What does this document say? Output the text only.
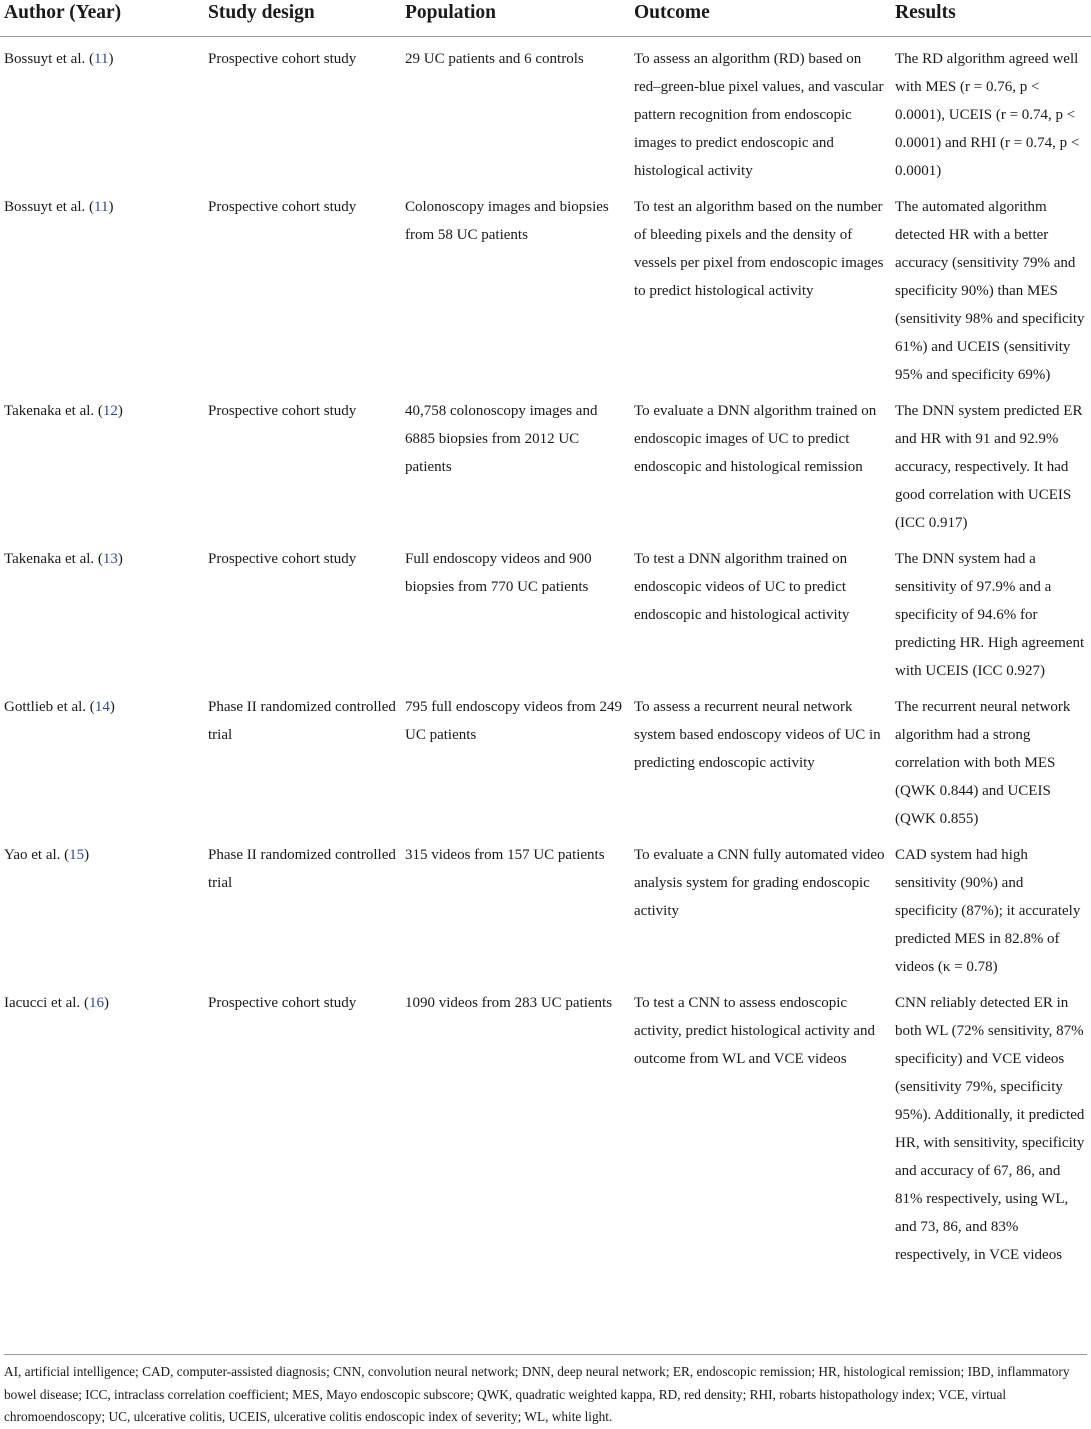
Author (Year)	Study design	Population	Outcome	Results
Bossuyt et al. (11)	Prospective cohort study	29 UC patients and 6 controls	To assess an algorithm (RD) based on red–green-blue pixel values, and vascular pattern recognition from endoscopic images to predict endoscopic and histological activity	The RD algorithm agreed well with MES (r = 0.76, p < 0.0001), UCEIS (r = 0.74, p < 0.0001) and RHI (r = 0.74, p < 0.0001)
Bossuyt et al. (11)	Prospective cohort study	Colonoscopy images and biopsies from 58 UC patients	To test an algorithm based on the number of bleeding pixels and the density of vessels per pixel from endoscopic images to predict histological activity	The automated algorithm detected HR with a better accuracy (sensitivity 79% and specificity 90%) than MES (sensitivity 98% and specificity 61%) and UCEIS (sensitivity 95% and specificity 69%)
Takenaka et al. (12)	Prospective cohort study	40,758 colonoscopy images and 6885 biopsies from 2012 UC patients	To evaluate a DNN algorithm trained on endoscopic images of UC to predict endoscopic and histological remission	The DNN system predicted ER and HR with 91 and 92.9% accuracy, respectively. It had good correlation with UCEIS (ICC 0.917)
Takenaka et al. (13)	Prospective cohort study	Full endoscopy videos and 900 biopsies from 770 UC patients	To test a DNN algorithm trained on endoscopic videos of UC to predict endoscopic and histological activity	The DNN system had a sensitivity of 97.9% and a specificity of 94.6% for predicting HR. High agreement with UCEIS (ICC 0.927)
Gottlieb et al. (14)	Phase II randomized controlled trial	795 full endoscopy videos from 249 UC patients	To assess a recurrent neural network system based endoscopy videos of UC in predicting endoscopic activity	The recurrent neural network algorithm had a strong correlation with both MES (QWK 0.844) and UCEIS (QWK 0.855)
Yao et al. (15)	Phase II randomized controlled trial	315 videos from 157 UC patients	To evaluate a CNN fully automated video analysis system for grading endoscopic activity	CAD system had high sensitivity (90%) and specificity (87%); it accurately predicted MES in 82.8% of videos (κ = 0.78)
Iacucci et al. (16)	Prospective cohort study	1090 videos from 283 UC patients	To test a CNN to assess endoscopic activity, predict histological activity and outcome from WL and VCE videos	CNN reliably detected ER in both WL (72% sensitivity, 87% specificity) and VCE videos (sensitivity 79%, specificity 95%). Additionally, it predicted HR, with sensitivity, specificity and accuracy of 67, 86, and 81% respectively, using WL, and 73, 86, and 83% respectively, in VCE videos
AI, artificial intelligence; CAD, computer-assisted diagnosis; CNN, convolution neural network; DNN, deep neural network; ER, endoscopic remission; HR, histological remission; IBD, inflammatory bowel disease; ICC, intraclass correlation coefficient; MES, Mayo endoscopic subscore; QWK, quadratic weighted kappa, RD, red density; RHI, robarts histopathology index; VCE, virtual chromoendoscopy; UC, ulcerative colitis, UCEIS, ulcerative colitis endoscopic index of severity; WL, white light.
